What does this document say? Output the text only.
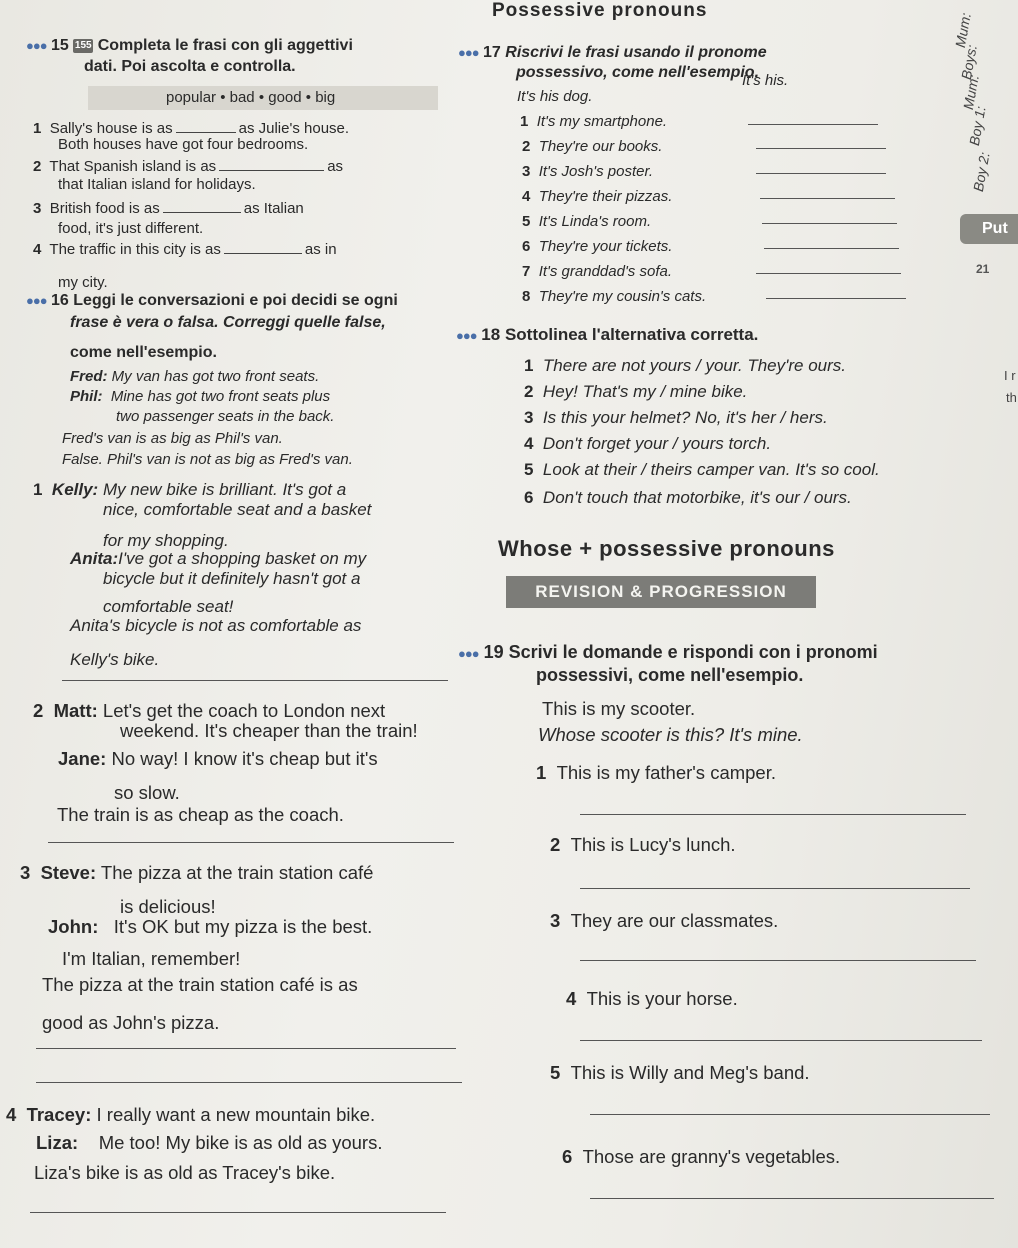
Possessive pronouns
●●● 15 155 Completa le frasi con gli aggettivi
dati. Poi ascolta e controlla.
popular • bad • good • big
1 Sally's house is as	as Julie's house.
Both houses have got four bedrooms.
2 That Spanish island is as	as
that Italian island for holidays.
3 British food is as	as Italian
food, it's just different.
4 The traffic in this city is as	as in
my city.
●●● 16 Leggi le conversazioni e poi decidi se ogni
frase è vera o falsa. Correggi quelle false,
come nell'esempio.
Fred: My van has got two front seats.
Phil: Mine has got two front seats plus
two passenger seats in the back.
Fred's van is as big as Phil's van.
False. Phil's van is not as big as Fred's van.
1 Kelly: My new bike is brilliant. It's got a
nice, comfortable seat and a basket
for my shopping.
Anita:I've got a shopping basket on my
bicycle but it definitely hasn't got a
comfortable seat!
Anita's bicycle is not as comfortable as
Kelly's bike.
2 Matt: Let's get the coach to London next
weekend. It's cheaper than the train!
Jane: No way! I know it's cheap but it's
so slow.
The train is as cheap as the coach.
3 Steve: The pizza at the train station café
is delicious!
John: It's OK but my pizza is the best.
I'm Italian, remember!
The pizza at the train station café is as
good as John's pizza.
4 Tracey: I really want a new mountain bike.
Liza: Me too! My bike is as old as yours.
Liza's bike is as old as Tracey's bike.
●●● 17 Riscrivi le frasi usando il pronome
possessivo, come nell'esempio.
It's his dog.
It's his.
1 It's my smartphone.
2 They're our books.
3 It's Josh's poster.
4 They're their pizzas.
5 It's Linda's room.
6 They're your tickets.
7 It's granddad's sofa.
8 They're my cousin's cats.
●●● 18 Sottolinea l'alternativa corretta.
1 There are not yours / your. They're ours.
2 Hey! That's my / mine bike.
3 Is this your helmet? No, it's her / hers.
4 Don't forget your / yours torch.
5 Look at their / theirs camper van. It's so cool.
6 Don't touch that motorbike, it's our / ours.
Whose + possessive pronouns
REVISION & PROGRESSION
●●● 19 Scrivi le domande e rispondi con i pronomi
possessivi, come nell'esempio.
This is my scooter.
Whose scooter is this? It's mine.
1 This is my father's camper.
2 This is Lucy's lunch.
3 They are our classmates.
4 This is your horse.
5 This is Willy and Meg's band.
6 Those are granny's vegetables.
Mum:
Boys:
Mum:
Boy 1:
Boy 2:
Put
21
I r
th
